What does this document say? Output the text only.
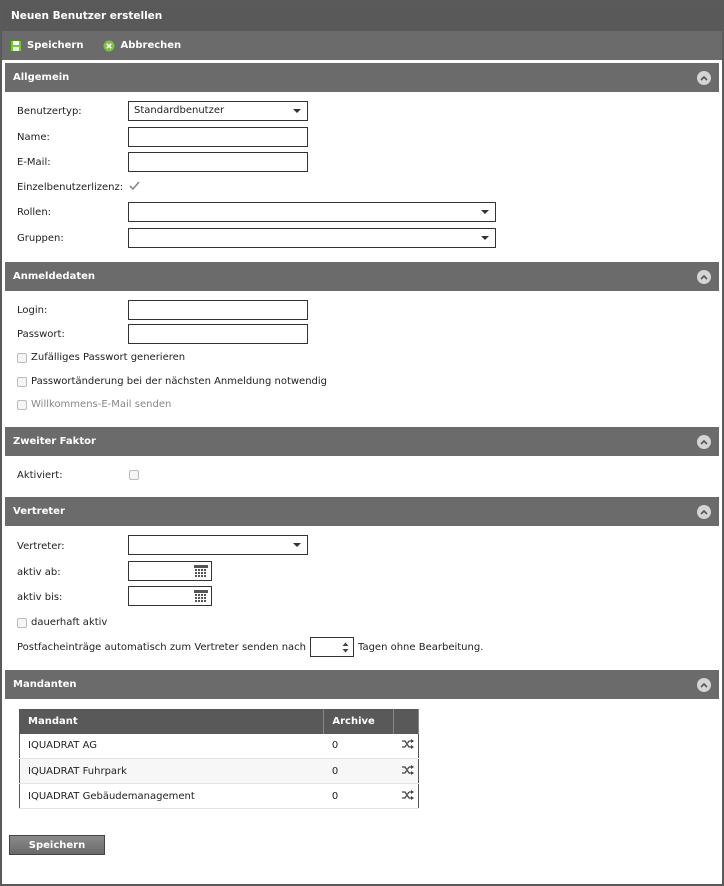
Neuen Benutzer erstellen
Speichern	Abbrechen
Allgemein
Benutzertyp:	Standardbenutzer
Name:
E-Mail:
Einzelbenutzerlizenz:
Rollen:
Gruppen:
Anmeldedaten
Login:
Passwort:
Zufälliges Passwort generieren
Passwortänderung bei der nächsten Anmeldung notwendig
Willkommens-E-Mail senden
Zweiter Faktor
Aktiviert:
Vertreter
Vertreter:
aktiv ab:
aktiv bis:
dauerhaft aktiv
Postfacheinträge automatisch zum Vertreter senden nach	Tagen ohne Bearbeitung.
Mandanten
Mandant	Archive	
IQUADRAT AG	0	
IQUADRAT Fuhrpark	0	
IQUADRAT Gebäudemanagement	0	
Speichern
